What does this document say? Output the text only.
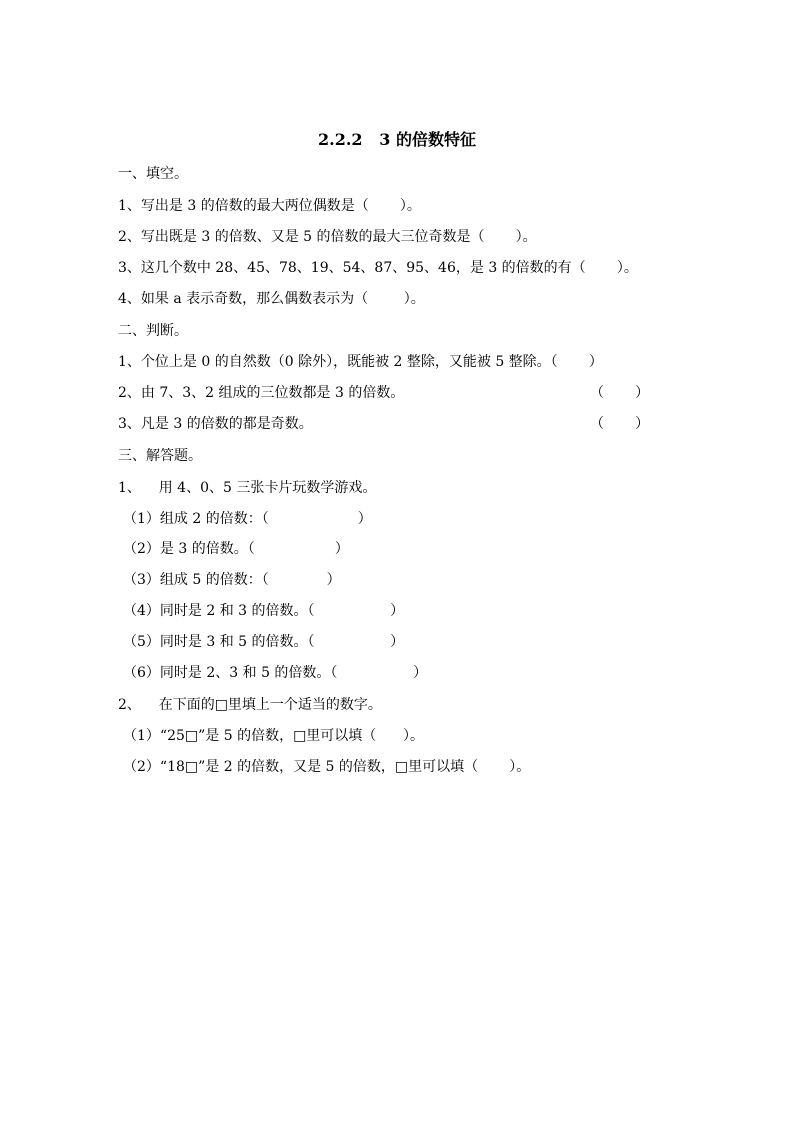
2.2.2   3 的倍数特征
一、填空。
1、写出是 3 的倍数的最大两位偶数是（       ）。
2、写出既是 3 的倍数、又是 5 的倍数的最大三位奇数是（       ）。
3、这几个数中 28、45、78、19、54、87、95、46，是 3 的倍数的有（       ）。
4、如果 a 表示奇数，那么偶数表示为（        ）。
二、判断。
1、个位上是 0 的自然数（0 除外），既能被 2 整除，又能被 5 整除。（       ）
2、由 7、3、2 组成的三位数都是 3 的倍数。	（       ）
3、凡是 3 的倍数的都是奇数。	（       ）
三、解答题。
1、    用 4、0、5 三张卡片玩数学游戏。
（1）组成 2 的倍数：（                    ）
（2）是 3 的倍数。（                  ）
（3）组成 5 的倍数：（             ）
（4）同时是 2 和 3 的倍数。（                 ）
（5）同时是 3 和 5 的倍数。（                 ）
（6）同时是 2、3 和 5 的倍数。（                 ）
2、    在下面的□里填上一个适当的数字。
（1）“25□”是 5 的倍数，□里可以填（      ）。
（2）“18□”是 2 的倍数，又是 5 的倍数，□里可以填（       ）。
